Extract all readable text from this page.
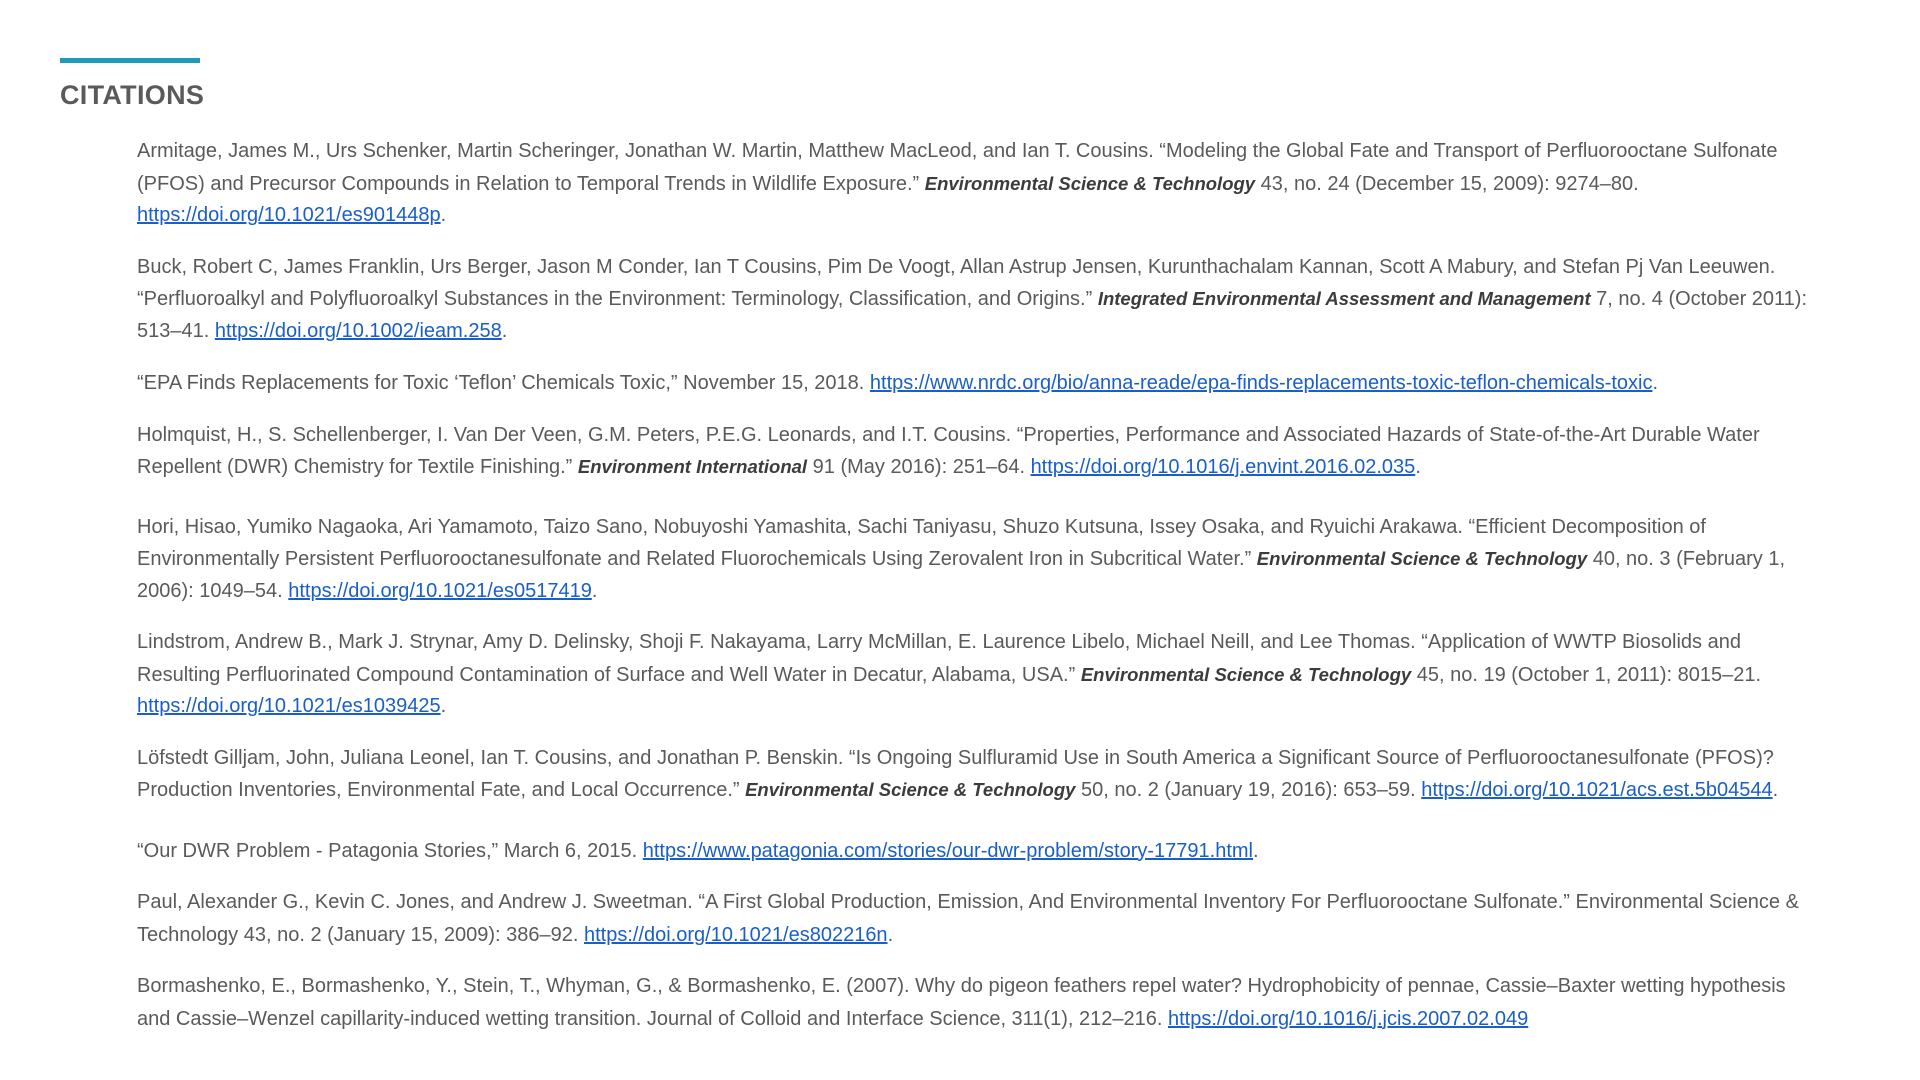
CITATIONS

Armitage, James M., Urs Schenker, Martin Scheringer, Jonathan W. Martin, Matthew MacLeod, and Ian T. Cousins. “Modeling the Global Fate and Transport of Perfluorooctane Sulfonate (PFOS) and Precursor Compounds in Relation to Temporal Trends in Wildlife Exposure.” Environmental Science & Technology 43, no. 24 (December 15, 2009): 9274–80. https://doi.org/10.1021/es901448p.

Buck, Robert C, James Franklin, Urs Berger, Jason M Conder, Ian T Cousins, Pim De Voogt, Allan Astrup Jensen, Kurunthachalam Kannan, Scott A Mabury, and Stefan Pj Van Leeuwen. “Perfluoroalkyl and Polyfluoroalkyl Substances in the Environment: Terminology, Classification, and Origins.” Integrated Environmental Assessment and Management 7, no. 4 (October 2011): 513–41. https://doi.org/10.1002/ieam.258.

“EPA Finds Replacements for Toxic ‘Teflon’ Chemicals Toxic,” November 15, 2018. https://www.nrdc.org/bio/anna-reade/epa-finds-replacements-toxic-teflon-chemicals-toxic.

Holmquist, H., S. Schellenberger, I. Van Der Veen, G.M. Peters, P.E.G. Leonards, and I.T. Cousins. “Properties, Performance and Associated Hazards of State-of-the-Art Durable Water Repellent (DWR) Chemistry for Textile Finishing.” Environment International 91 (May 2016): 251–64. https://doi.org/10.1016/j.envint.2016.02.035.

Hori, Hisao, Yumiko Nagaoka, Ari Yamamoto, Taizo Sano, Nobuyoshi Yamashita, Sachi Taniyasu, Shuzo Kutsuna, Issey Osaka, and Ryuichi Arakawa. “Efficient Decomposition of Environmentally Persistent Perfluorooctanesulfonate and Related Fluorochemicals Using Zerovalent Iron in Subcritical Water.” Environmental Science & Technology 40, no. 3 (February 1, 2006): 1049–54. https://doi.org/10.1021/es0517419.

Lindstrom, Andrew B., Mark J. Strynar, Amy D. Delinsky, Shoji F. Nakayama, Larry McMillan, E. Laurence Libelo, Michael Neill, and Lee Thomas. “Application of WWTP Biosolids and Resulting Perfluorinated Compound Contamination of Surface and Well Water in Decatur, Alabama, USA.” Environmental Science & Technology 45, no. 19 (October 1, 2011): 8015–21. https://doi.org/10.1021/es1039425.

Löfstedt Gilljam, John, Juliana Leonel, Ian T. Cousins, and Jonathan P. Benskin. “Is Ongoing Sulfluramid Use in South America a Significant Source of Perfluorooctanesulfonate (PFOS)? Production Inventories, Environmental Fate, and Local Occurrence.” Environmental Science & Technology 50, no. 2 (January 19, 2016): 653–59. https://doi.org/10.1021/acs.est.5b04544.

“Our DWR Problem - Patagonia Stories,” March 6, 2015. https://www.patagonia.com/stories/our-dwr-problem/story-17791.html.

Paul, Alexander G., Kevin C. Jones, and Andrew J. Sweetman. “A First Global Production, Emission, And Environmental Inventory For Perfluorooctane Sulfonate.” Environmental Science & Technology 43, no. 2 (January 15, 2009): 386–92. https://doi.org/10.1021/es802216n.

Bormashenko, E., Bormashenko, Y., Stein, T., Whyman, G., & Bormashenko, E. (2007). Why do pigeon feathers repel water? Hydrophobicity of pennae, Cassie–Baxter wetting hypothesis and Cassie–Wenzel capillarity-induced wetting transition. Journal of Colloid and Interface Science, 311(1), 212–216. https://doi.org/10.1016/j.jcis.2007.02.049
